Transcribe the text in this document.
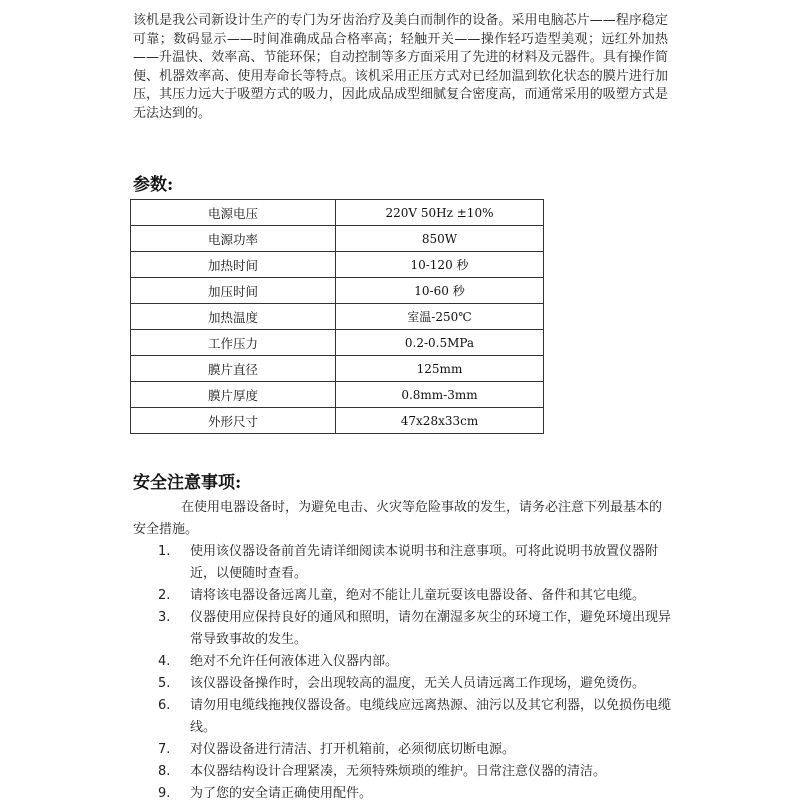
该机是我公司新设计生产的专门为牙齿治疗及美白而制作的设备。采用电脑芯片——程序稳定可靠；数码显示——时间准确成品合格率高；轻触开关——操作轻巧造型美观；远红外加热——升温快、效率高、节能环保；自动控制等多方面采用了先进的材料及元器件。具有操作简便、机器效率高、使用寿命长等特点。该机采用正压方式对已经加温到软化状态的膜片进行加压，其压力远大于吸塑方式的吸力，因此成品成型细腻复合密度高，而通常采用的吸塑方式是无法达到的。

参数:
电源电压	220V 50Hz ±10%
电源功率	850W
加热时间	10-120 秒
加压时间	10-60 秒
加热温度	室温-250℃
工作压力	0.2-0.5MPa
膜片直径	125mm
膜片厚度	0.8mm-3mm
外形尺寸	47x28x33cm
安全注意事项:

在使用电器设备时，为避免电击、火灾等危险事故的发生，请务必注意下列最基本的安全措施。

1.	使用该仪器设备前首先请详细阅读本说明书和注意事项。可将此说明书放置仪器附近，以便随时查看。
2.	请将该电器设备远离儿童，绝对不能让儿童玩耍该电器设备、备件和其它电缆。
3.	仪器使用应保持良好的通风和照明，请勿在潮湿多灰尘的环境工作，避免环境出现异常导致事故的发生。
4.	绝对不允许任何液体进入仪器内部。
5.	该仪器设备操作时，会出现较高的温度，无关人员请远离工作现场，避免烫伤。
6.	请勿用电缆线拖拽仪器设备。电缆线应远离热源、油污以及其它利器，以免损伤电缆线。
7.	对仪器设备进行清洁、打开机箱前，必须彻底切断电源。
8.	本仪器结构设计合理紧凑，无须特殊烦琐的维护。日常注意仪器的清洁。
9.	为了您的安全请正确使用配件。
